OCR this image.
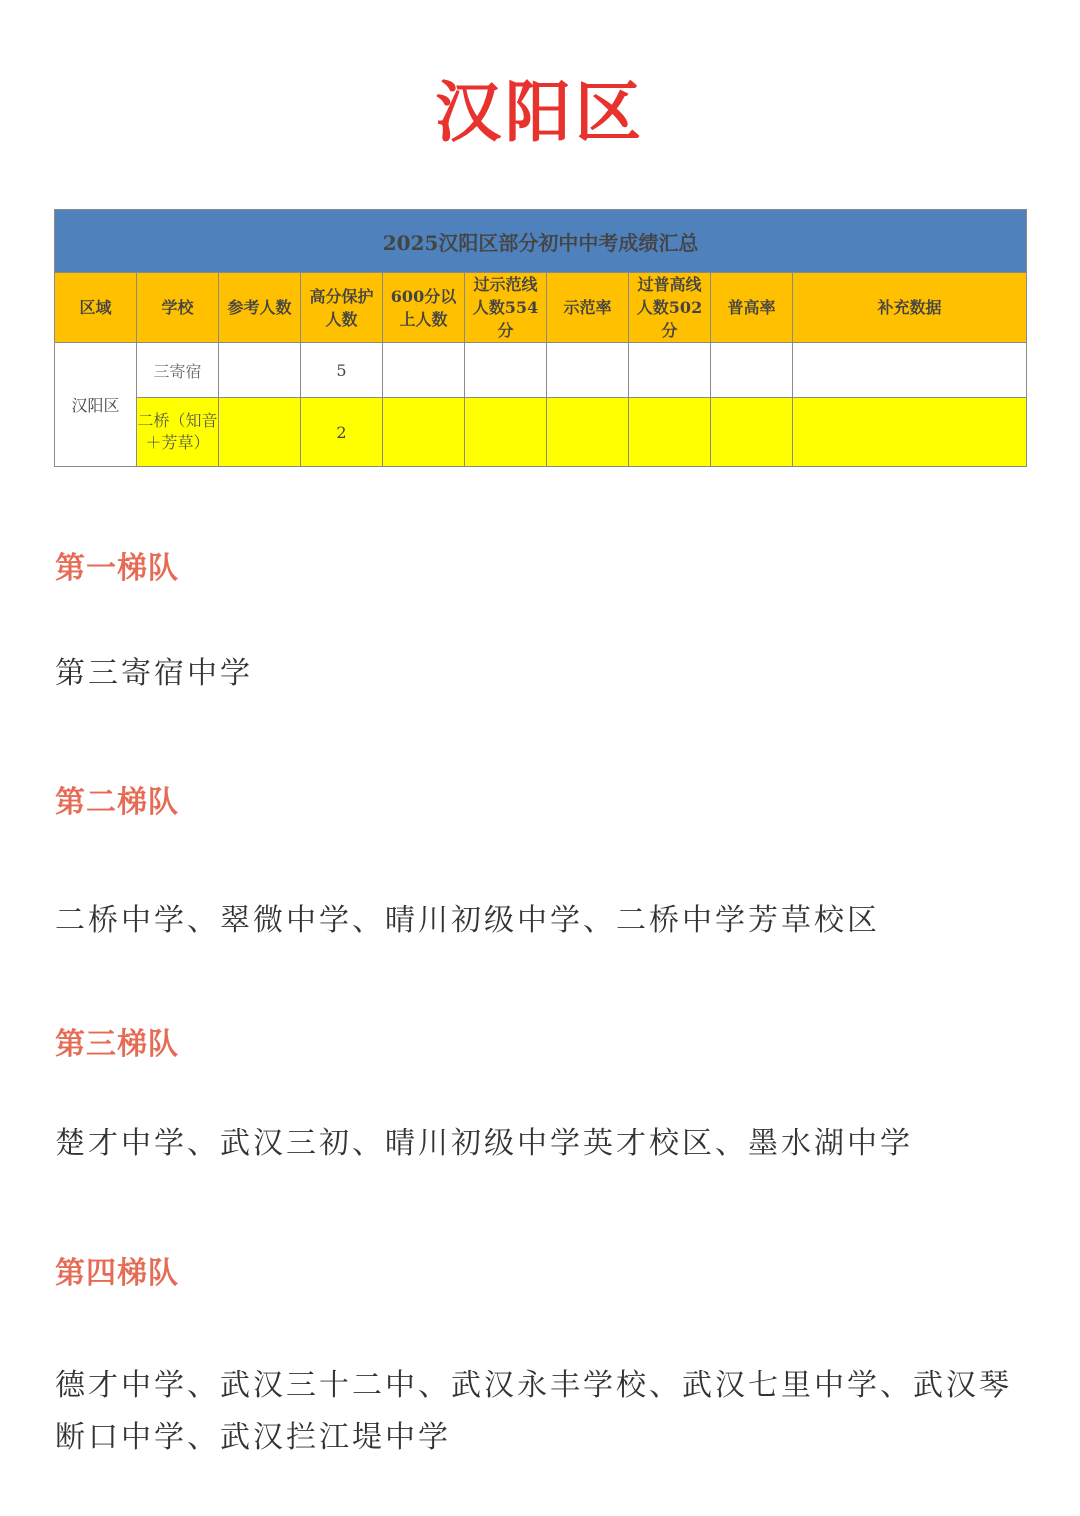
汉阳区
2025汉阳区部分初中中考成绩汇总									
区域	学校	参考人数	高分保护人数	600分以上人数	过示范线人数554分	示范率	过普高线人数502分	普高率	补充数据
汉阳区	三寄宿		5						
	二桥（知音＋芳草）		2						
第一梯队
第三寄宿中学
第二梯队
二桥中学、翠微中学、晴川初级中学、二桥中学芳草校区
第三梯队
楚才中学、武汉三初、晴川初级中学英才校区、墨水湖中学
第四梯队
德才中学、武汉三十二中、武汉永丰学校、武汉七里中学、武汉琴断口中学、武汉拦江堤中学
